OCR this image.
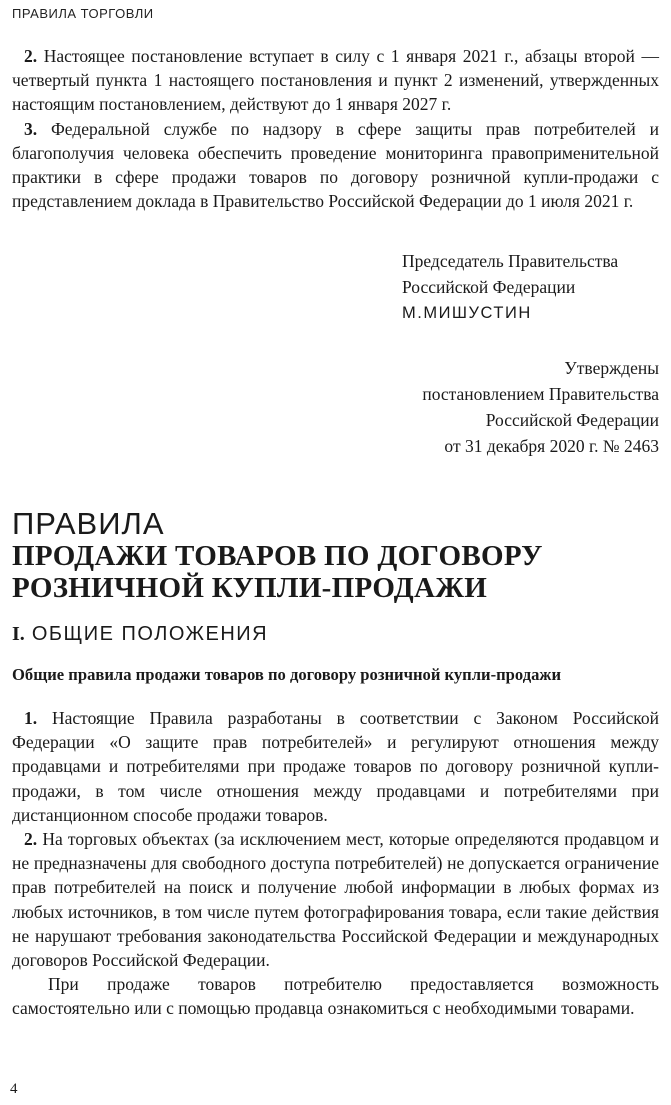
ПРАВИЛА ТОРГОВЛИ

2. Настоящее постановление вступает в силу с 1 января 2021 г., абзацы второй — четвертый пункта 1 настоящего постановления и пункт 2 изменений, утвержденных настоящим постановлением, действуют до 1 января 2027 г.

3. Федеральной службе по надзору в сфере защиты прав потребителей и благополучия человека обеспечить проведение мониторинга правоприменительной практики в сфере продажи товаров по договору розничной купли-продажи с представлением доклада в Правительство Российской Федерации до 1 июля 2021 г.

Председатель Правительства
Российской Федерации
М.МИШУСТИН
Утверждены
постановлением Правительства
Российской Федерации
от 31 декабря 2020 г. № 2463
ПРАВИЛА
ПРОДАЖИ ТОВАРОВ ПО ДОГОВОРУ
РОЗНИЧНОЙ КУПЛИ-ПРОДАЖИ
I. ОБЩИЕ ПОЛОЖЕНИЯ
Общие правила продажи товаров по договору розничной купли-продажи

1. Настоящие Правила разработаны в соответствии с Законом Российской Федерации «О защите прав потребителей» и регулируют отношения между продавцами и потребителями при продаже товаров по договору розничной купли-продажи, в том числе отношения между продавцами и потребителями при дистанционном способе продажи товаров.

2. На торговых объектах (за исключением мест, которые определяются продавцом и не предназначены для свободного доступа потребителей) не допускается ограничение прав потребителей на поиск и получение любой информации в любых формах из любых источников, в том числе путем фотографирования товара, если такие действия не нарушают требования законодательства Российской Федерации и международных договоров Российской Федерации.

При продаже товаров потребителю предоставляется возможность самостоятельно или с помощью продавца ознакомиться с необходимыми товарами.

4
